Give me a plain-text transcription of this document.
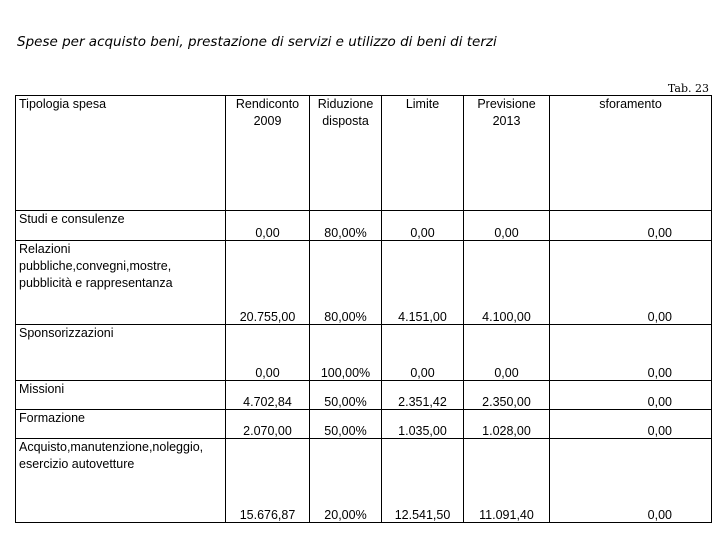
Spese per acquisto beni, prestazione di servizi e utilizzo di beni di terzi
Tab. 23
Tipologia spesa	Rendiconto 2009	Riduzione disposta	Limite	Previsione 2013	sforamento
Studi e consulenze	0,00	80,00%	0,00	0,00	0,00
Relazioni pubbliche,convegni,mostre, pubblicità e rappresentanza	20.755,00	80,00%	4.151,00	4.100,00	0,00
Sponsorizzazioni	0,00	100,00%	0,00	0,00	0,00
Missioni	4.702,84	50,00%	2.351,42	2.350,00	0,00
Formazione	2.070,00	50,00%	1.035,00	1.028,00	0,00
Acquisto,manutenzione,noleggio, esercizio autovetture	15.676,87	20,00%	12.541,50	11.091,40	0,00
